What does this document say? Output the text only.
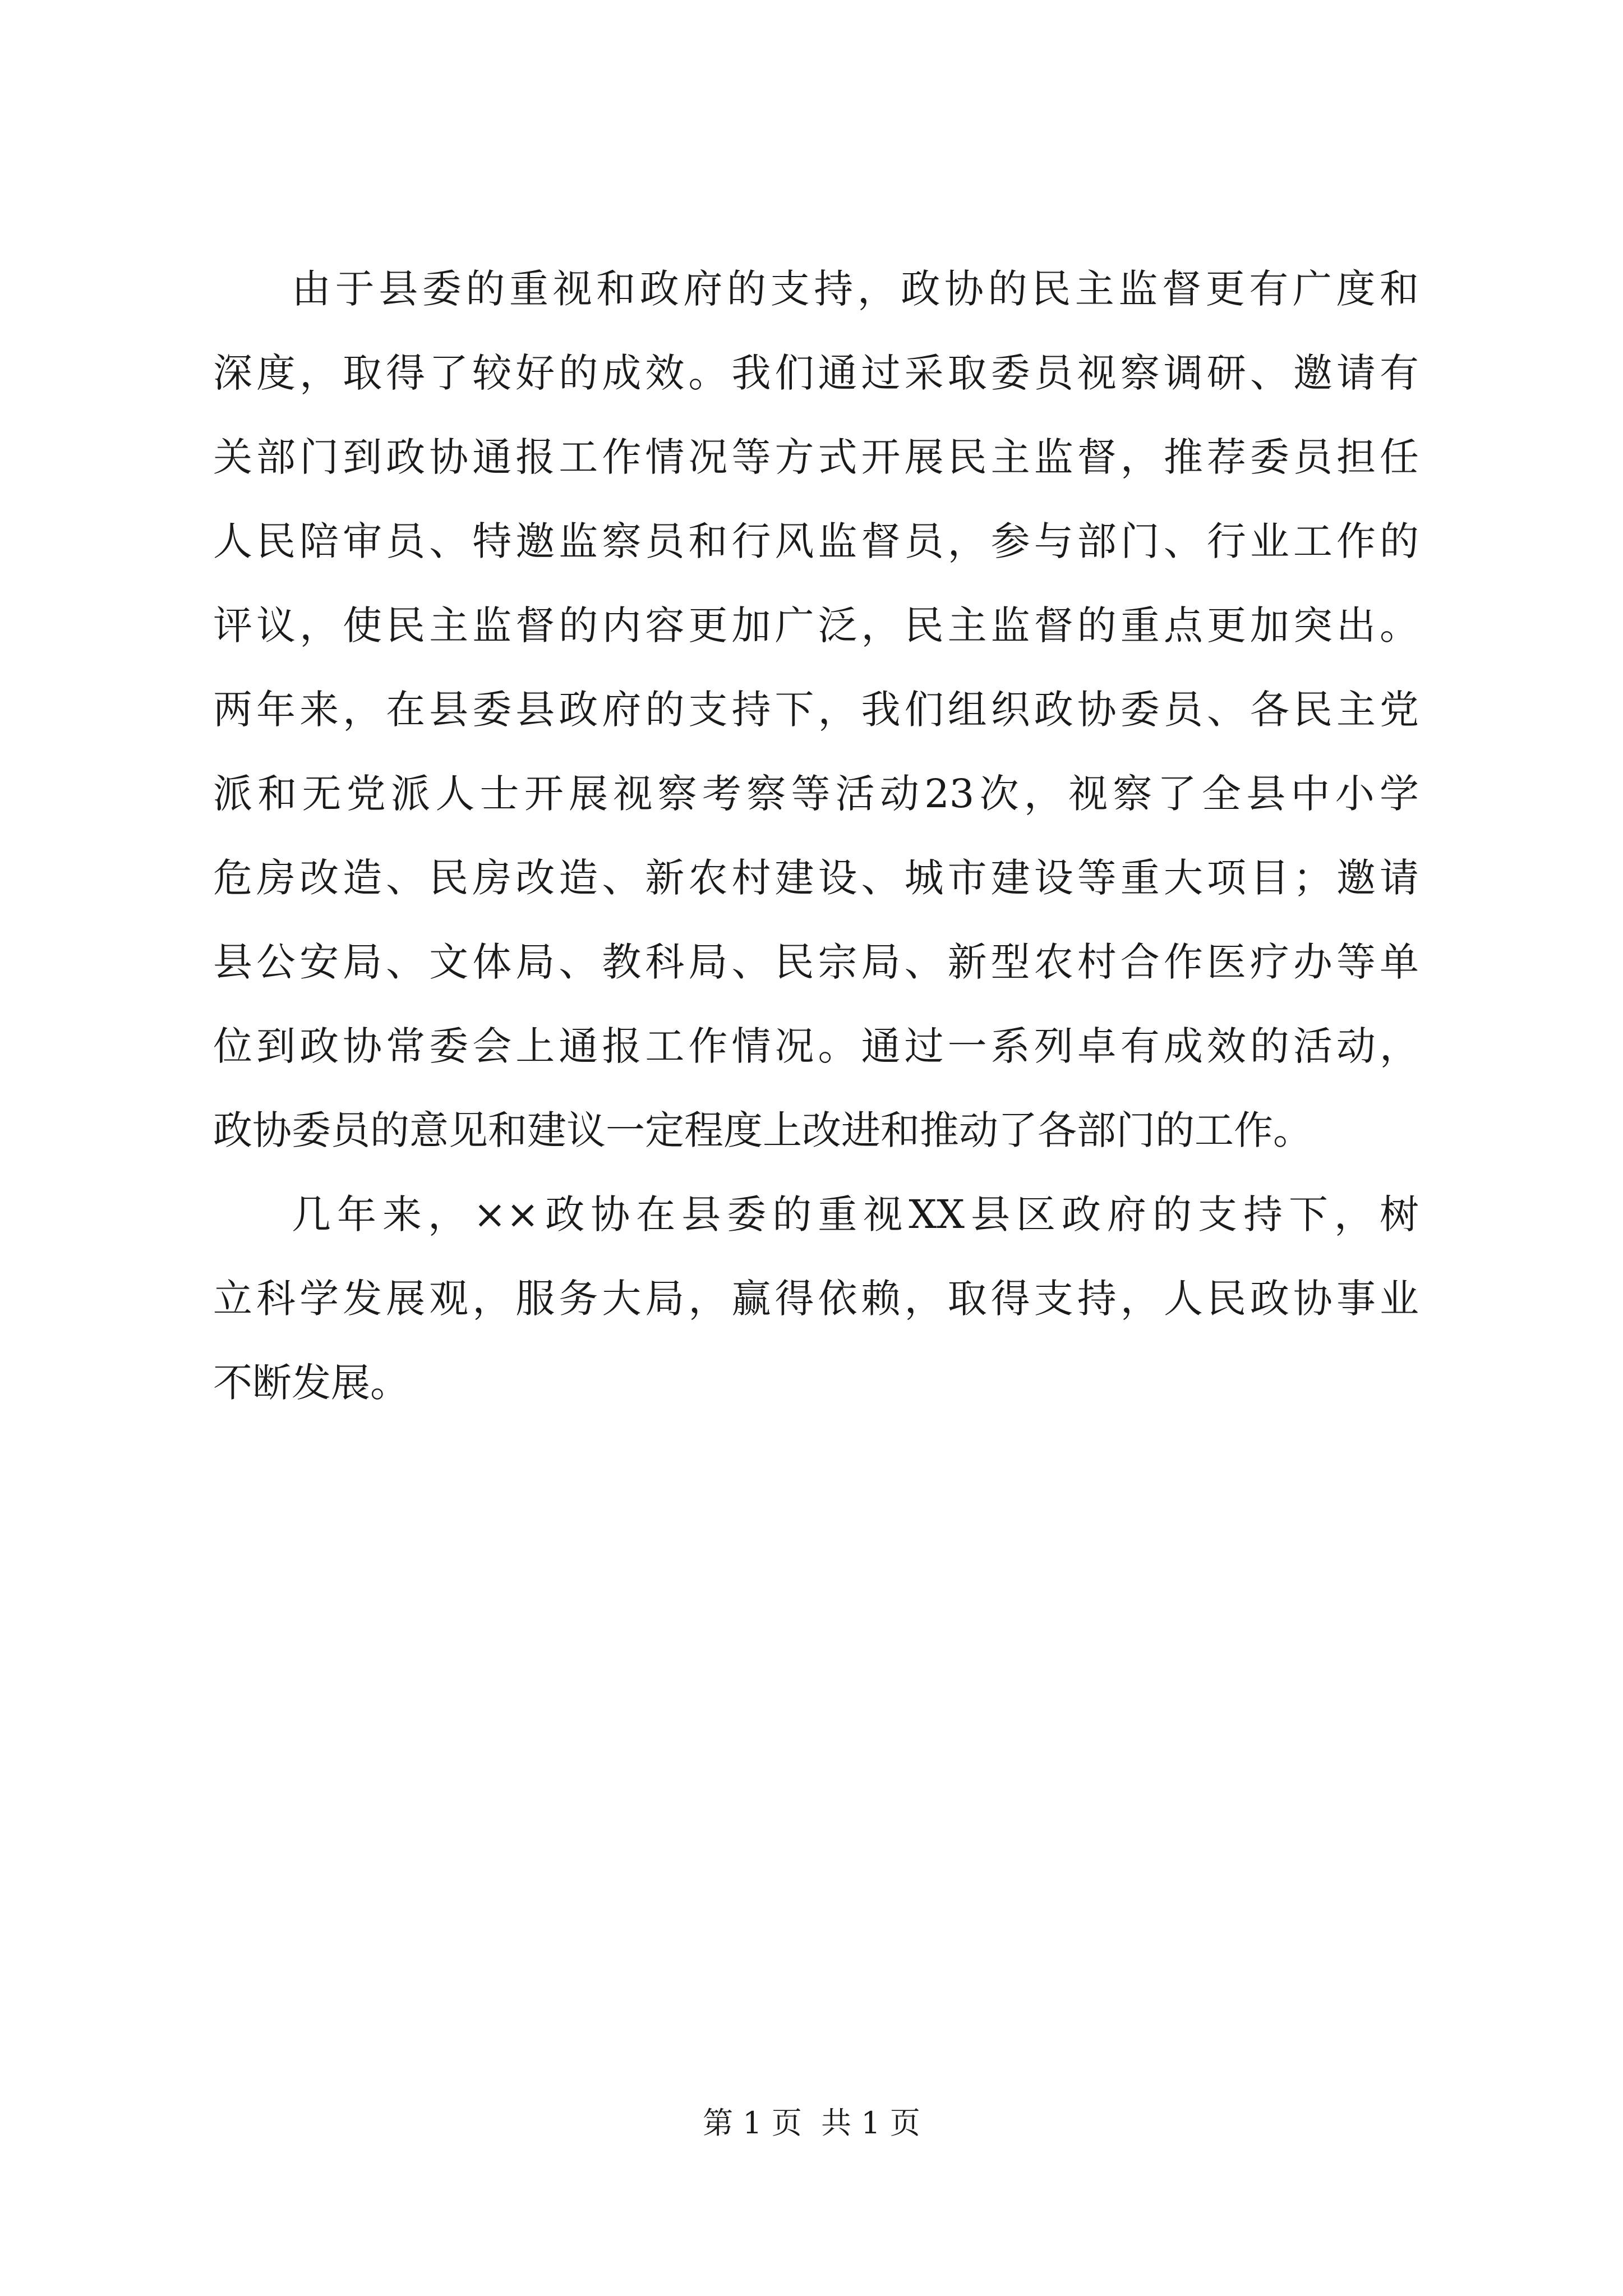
由于县委的重视和政府的支持，政协的民主监督更有广度和
深度，取得了较好的成效。我们通过采取委员视察调研、邀请有
关部门到政协通报工作情况等方式开展民主监督，推荐委员担任
人民陪审员、特邀监察员和行风监督员，参与部门、行业工作的
评议，使民主监督的内容更加广泛，民主监督的重点更加突出。
两年来，在县委县政府的支持下，我们组织政协委员、各民主党
派和无党派人士开展视察考察等活动23次，视察了全县中小学
危房改造、民房改造、新农村建设、城市建设等重大项目；邀请
县公安局、文体局、教科局、民宗局、新型农村合作医疗办等单
位到政协常委会上通报工作情况。通过一系列卓有成效的活动，
政协委员的意见和建议一定程度上改进和推动了各部门的工作。
几年来，××政协在县委的重视XX县区政府的支持下，树
立科学发展观，服务大局，赢得依赖，取得支持，人民政协事业
不断发展。
第 1 页  共 1 页
